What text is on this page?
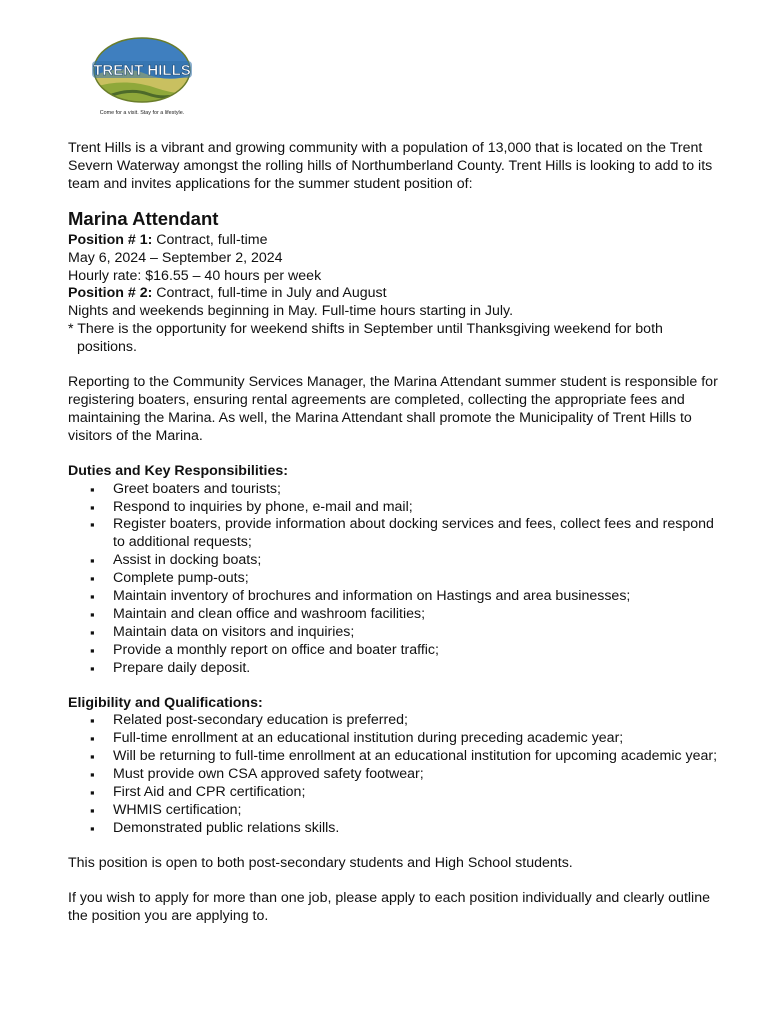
TRENT HILLS
Come for a visit. Stay for a lifestyle.

Trent Hills is a vibrant and growing community with a population of 13,000 that is located on the Trent Severn Waterway amongst the rolling hills of Northumberland County. Trent Hills is looking to add to its team and invites applications for the summer student position of:

Marina Attendant

Position # 1: Contract, full-time

May 6, 2024 – September 2, 2024

Hourly rate: $16.55 – 40 hours per week

Position # 2: Contract, full-time in July and August

Nights and weekends beginning in May. Full-time hours starting in July.

* There is the opportunity for weekend shifts in September until Thanksgiving weekend for both positions.

Reporting to the Community Services Manager, the Marina Attendant summer student is responsible for registering boaters, ensuring rental agreements are completed, collecting the appropriate fees and maintaining the Marina. As well, the Marina Attendant shall promote the Municipality of Trent Hills to visitors of the Marina.

Duties and Key Responsibilities:
▪ Greet boaters and tourists;
▪ Respond to inquiries by phone, e-mail and mail;
▪ Register boaters, provide information about docking services and fees, collect fees and respond to additional requests;
▪ Assist in docking boats;
▪ Complete pump-outs;
▪ Maintain inventory of brochures and information on Hastings and area businesses;
▪ Maintain and clean office and washroom facilities;
▪ Maintain data on visitors and inquiries;
▪ Provide a monthly report on office and boater traffic;
▪ Prepare daily deposit.
Eligibility and Qualifications:
▪ Related post-secondary education is preferred;
▪ Full-time enrollment at an educational institution during preceding academic year;
▪ Will be returning to full-time enrollment at an educational institution for upcoming academic year;
▪ Must provide own CSA approved safety footwear;
▪ First Aid and CPR certification;
▪ WHMIS certification;
▪ Demonstrated public relations skills.

This position is open to both post-secondary students and High School students.

If you wish to apply for more than one job, please apply to each position individually and clearly outline the position you are applying to.
